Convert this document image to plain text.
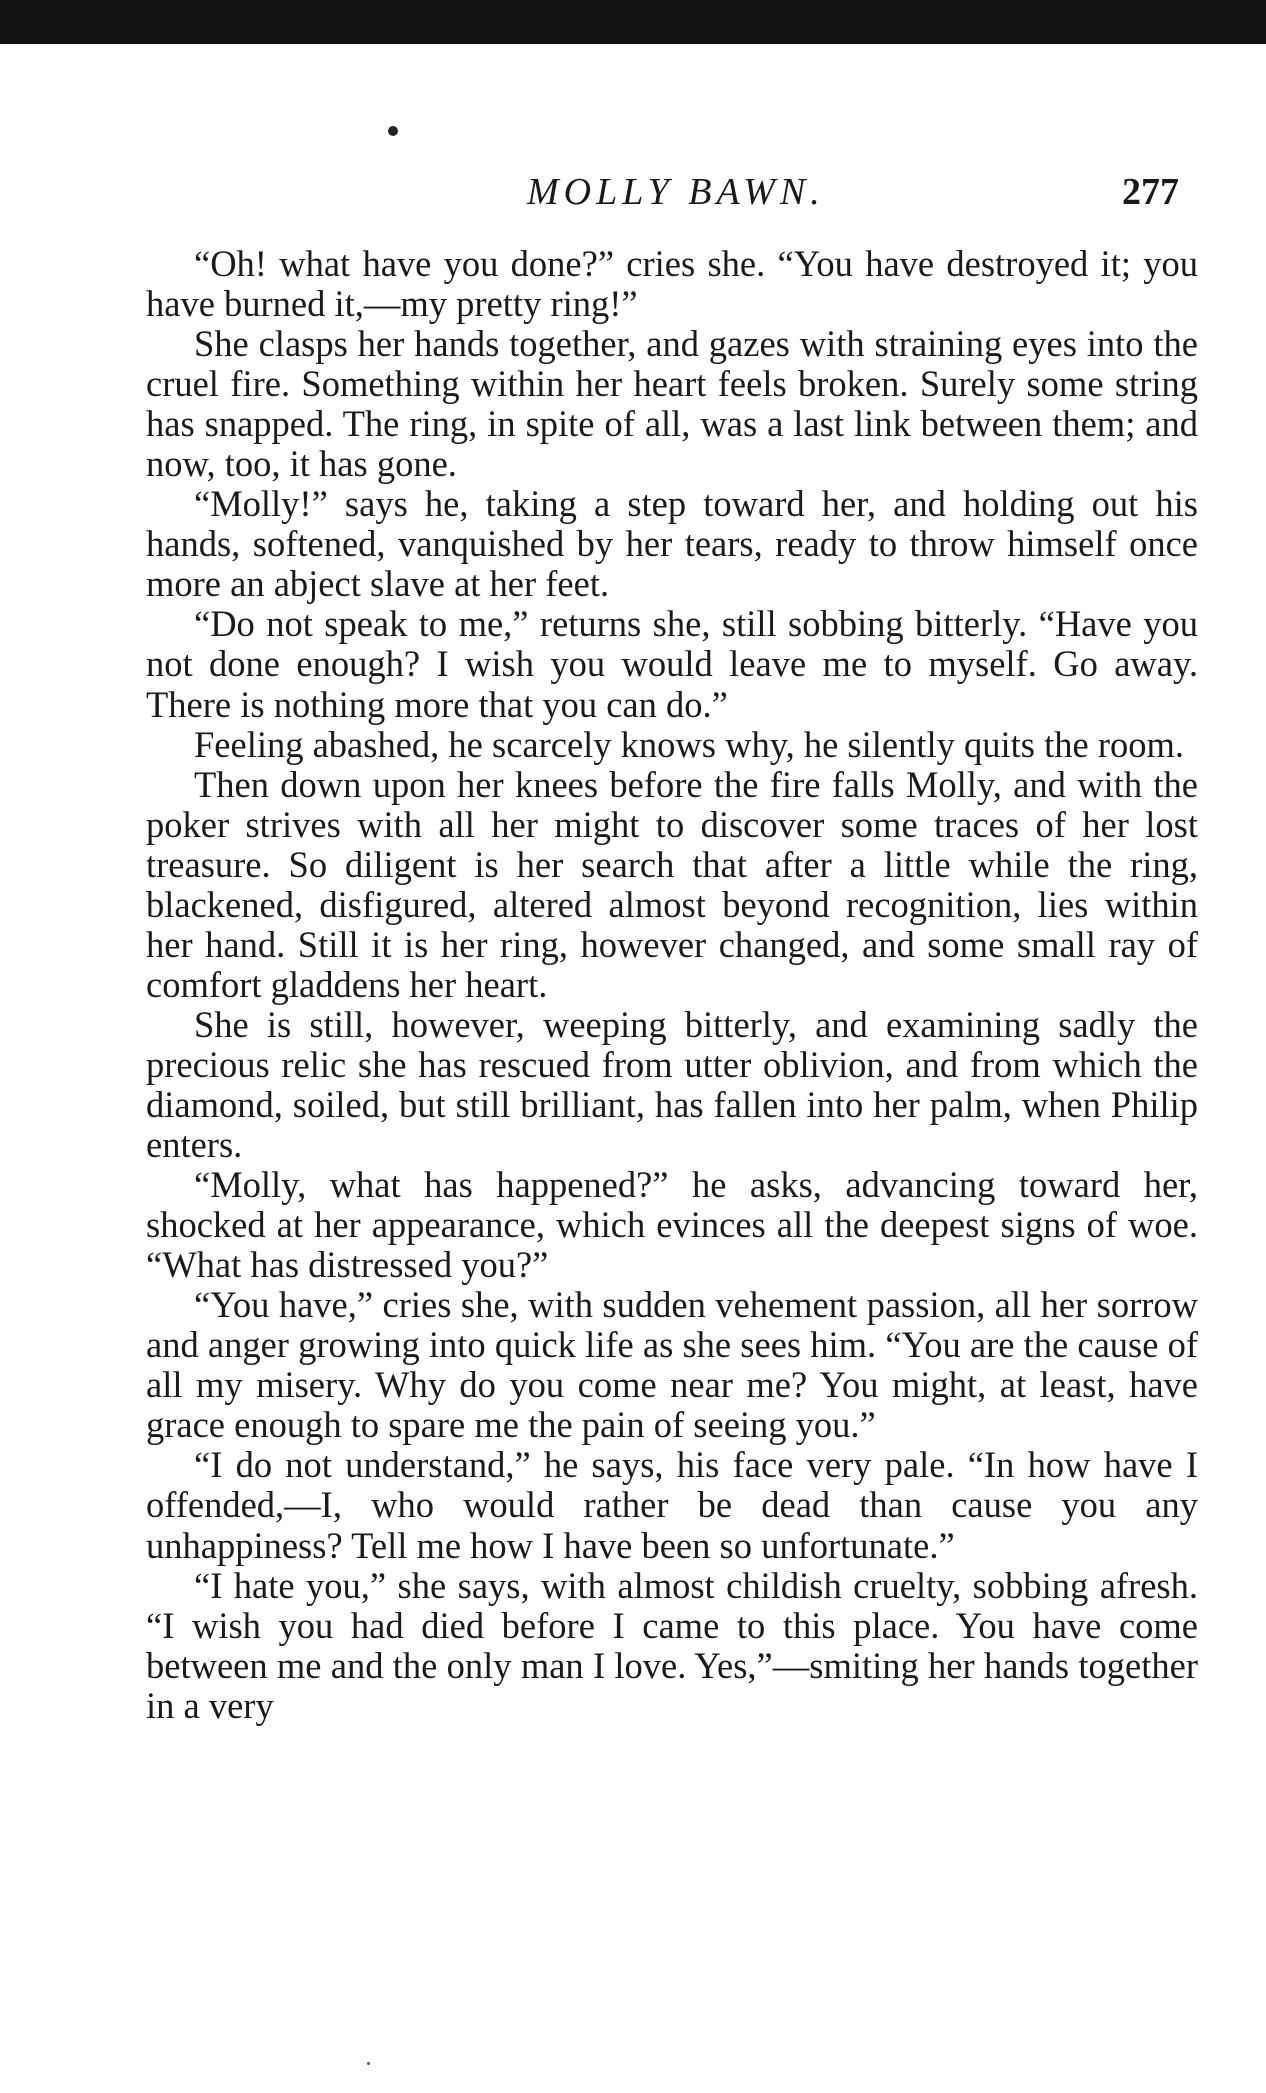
MOLLY BAWN.	277

“Oh! what have you done?” cries she. “You have destroyed it; you have burned it,—my pretty ring!”

She clasps her hands together, and gazes with straining eyes into the cruel fire. Something within her heart feels broken. Surely some string has snapped. The ring, in spite of all, was a last link between them; and now, too, it has gone.

“Molly!” says he, taking a step toward her, and holding out his hands, softened, vanquished by her tears, ready to throw himself once more an abject slave at her feet.

“Do not speak to me,” returns she, still sobbing bitterly. “Have you not done enough? I wish you would leave me to myself. Go away. There is nothing more that you can do.”

Feeling abashed, he scarcely knows why, he silently quits the room.

Then down upon her knees before the fire falls Molly, and with the poker strives with all her might to discover some traces of her lost treasure. So diligent is her search that after a little while the ring, blackened, disfigured, altered almost beyond recognition, lies within her hand. Still it is her ring, however changed, and some small ray of comfort gladdens her heart.

She is still, however, weeping bitterly, and examining sadly the precious relic she has rescued from utter oblivion, and from which the diamond, soiled, but still brilliant, has fallen into her palm, when Philip enters.

“Molly, what has happened?” he asks, advancing toward her, shocked at her appearance, which evinces all the deepest signs of woe. “What has distressed you?”

“You have,” cries she, with sudden vehement passion, all her sorrow and anger growing into quick life as she sees him. “You are the cause of all my misery. Why do you come near me? You might, at least, have grace enough to spare me the pain of seeing you.”

“I do not understand,” he says, his face very pale. “In how have I offended,—I, who would rather be dead than cause you any unhappiness? Tell me how I have been so unfortunate.”

“I hate you,” she says, with almost childish cruelty, sobbing afresh. “I wish you had died before I came to this place. You have come between me and the only man I love. Yes,”—smiting her hands together in a very
